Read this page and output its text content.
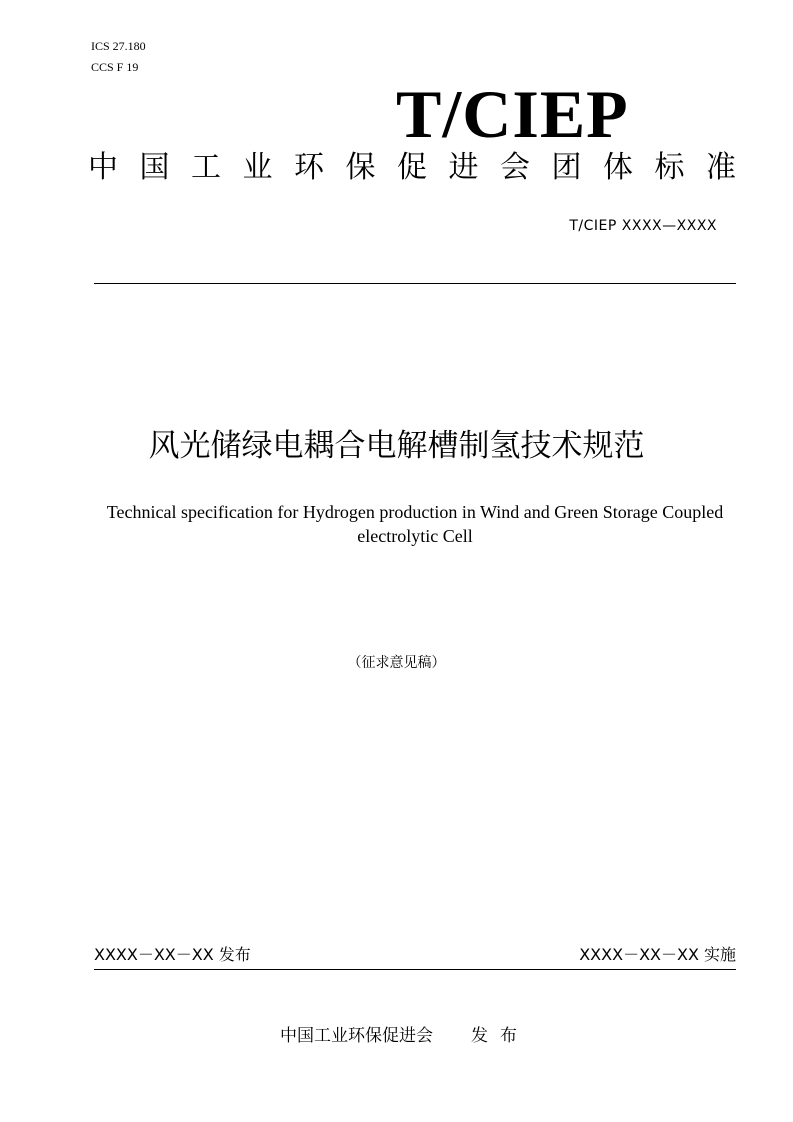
ICS 27.180
CCS F 19
T/CIEP
中 国 工 业 环 保 促 进 会 团 体 标 准
T/CIEP XXXX—XXXX
风光储绿电耦合电解槽制氢技术规范
Technical specification for Hydrogen production in Wind and Green Storage Coupled electrolytic Cell
（征求意见稿）
XXXX－XX－XX 发布	XXXX－XX－XX 实施
中国工业环保促进会 发布
